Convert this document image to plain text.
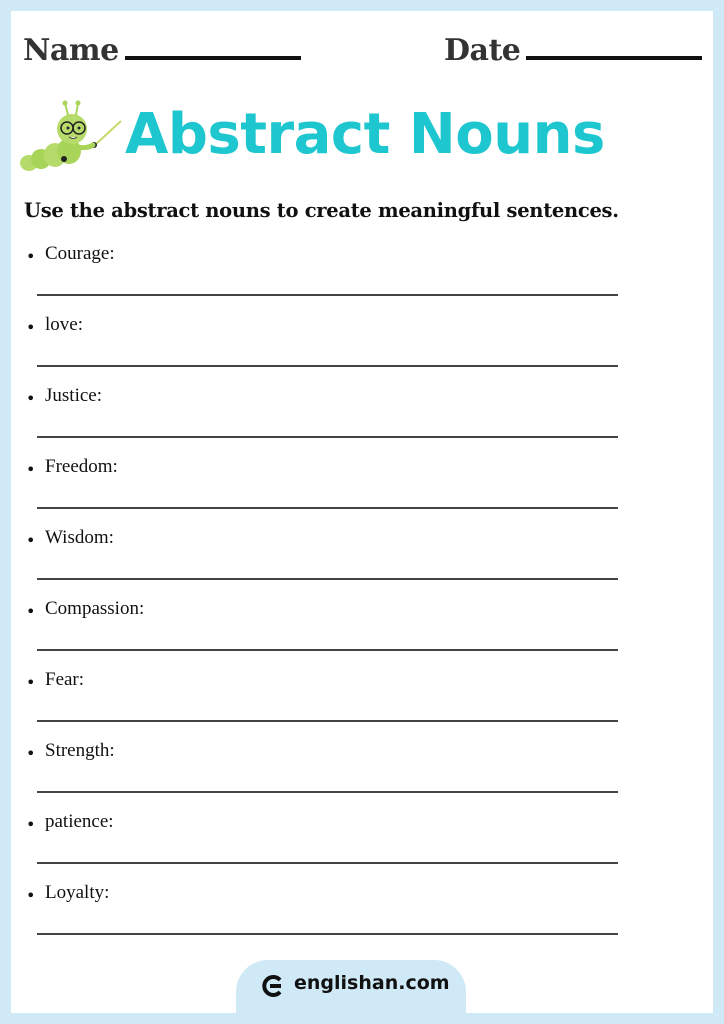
Name	Date
Abstract Nouns

Use the abstract nouns to create meaningful sentences.

• Courage:
• love:
• Justice:
• Freedom:
• Wisdom:
• Compassion:
• Fear:
• Strength:
• patience:
• Loyalty:
englishan.com
